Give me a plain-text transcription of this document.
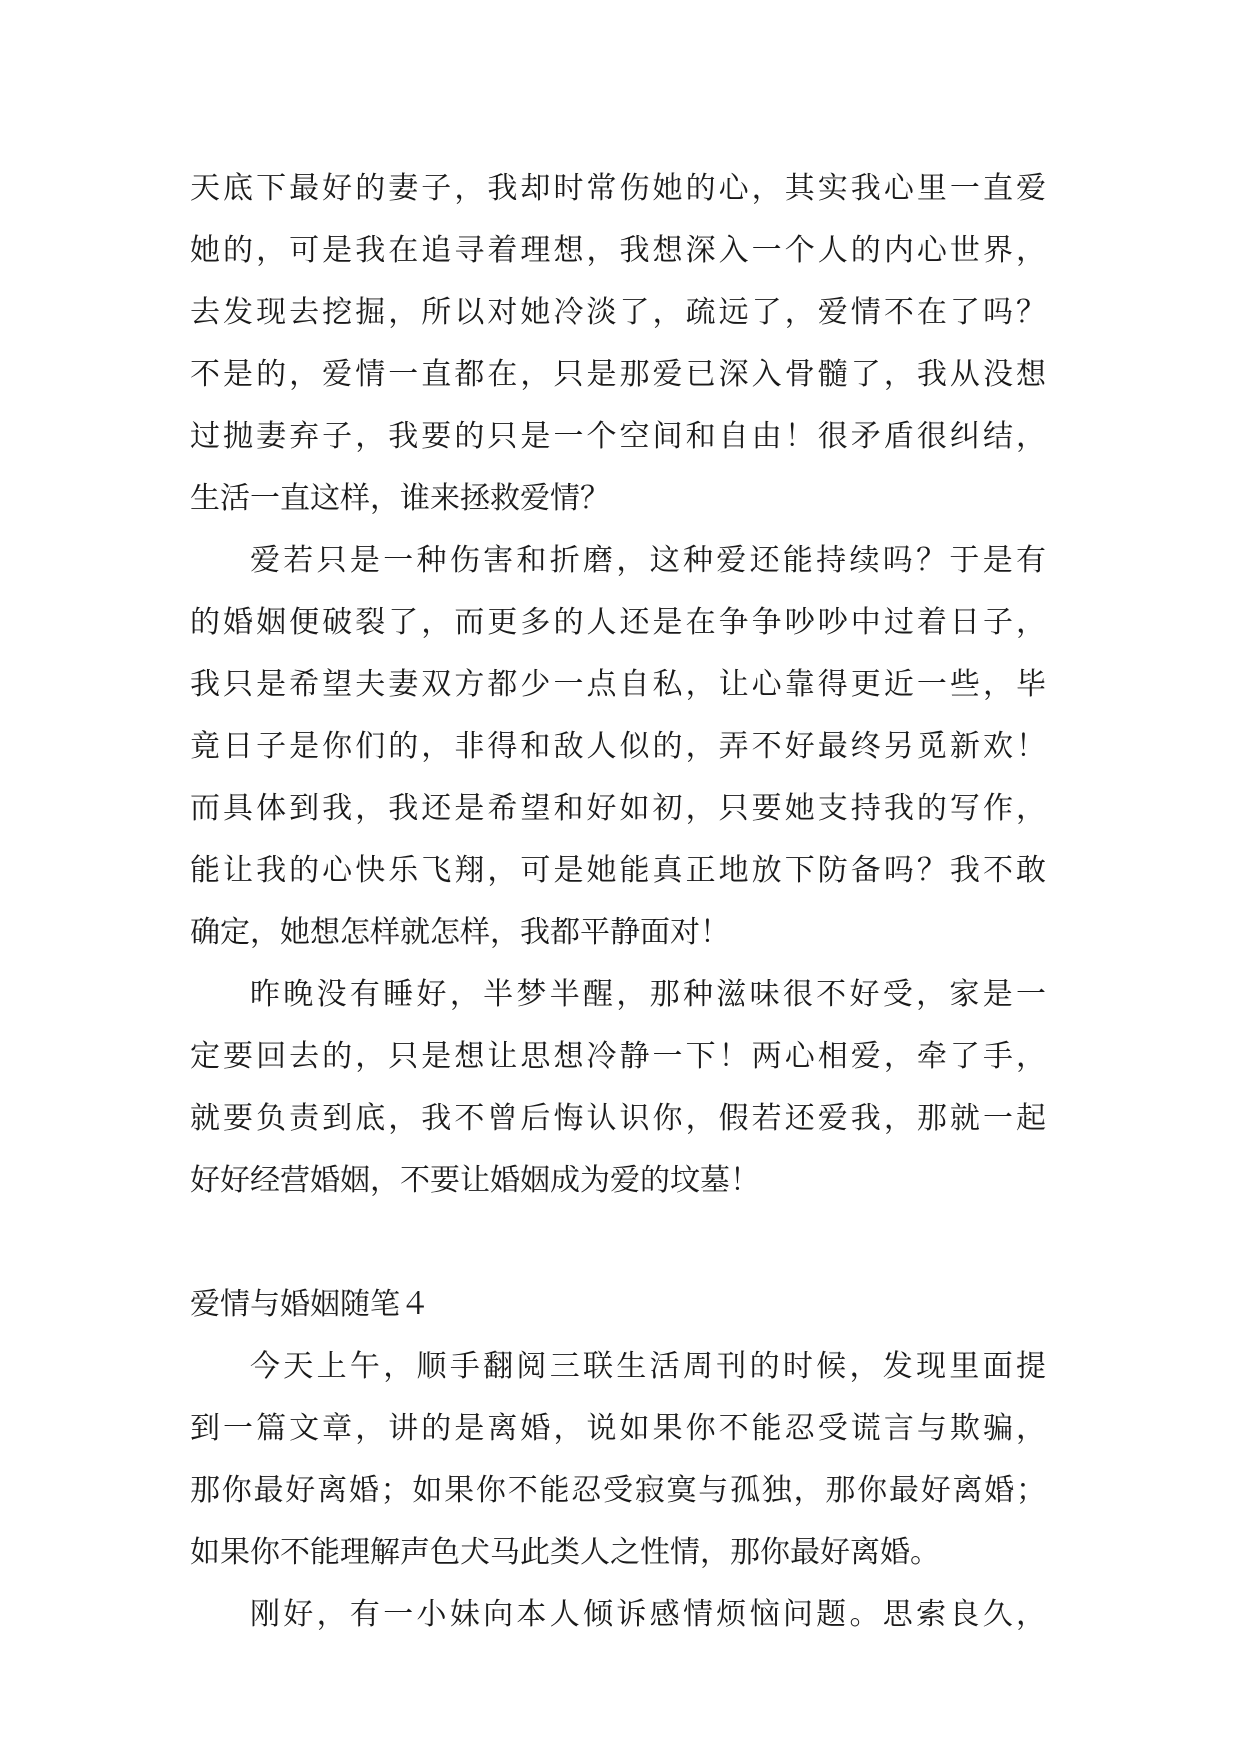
天底下最好的妻子，我却时常伤她的心，其实我心里一直爱
她的，可是我在追寻着理想，我想深入一个人的内心世界，
去发现去挖掘，所以对她冷淡了，疏远了，爱情不在了吗？
不是的，爱情一直都在，只是那爱已深入骨髓了，我从没想
过抛妻弃子，我要的只是一个空间和自由！很矛盾很纠结，
生活一直这样，谁来拯救爱情？
爱若只是一种伤害和折磨，这种爱还能持续吗？于是有
的婚姻便破裂了，而更多的人还是在争争吵吵中过着日子，
我只是希望夫妻双方都少一点自私，让心靠得更近一些，毕
竟日子是你们的，非得和敌人似的，弄不好最终另觅新欢！
而具体到我，我还是希望和好如初，只要她支持我的写作，
能让我的心快乐飞翔，可是她能真正地放下防备吗？我不敢
确定，她想怎样就怎样，我都平静面对！
昨晚没有睡好，半梦半醒，那种滋味很不好受，家是一
定要回去的，只是想让思想冷静一下！两心相爱，牵了手，
就要负责到底，我不曾后悔认识你，假若还爱我，那就一起
好好经营婚姻，不要让婚姻成为爱的坟墓！
爱情与婚姻随笔４
今天上午，顺手翻阅三联生活周刊的时候，发现里面提
到一篇文章，讲的是离婚，说如果你不能忍受谎言与欺骗，
那你最好离婚；如果你不能忍受寂寞与孤独，那你最好离婚；
如果你不能理解声色犬马此类人之性情，那你最好离婚。
刚好，有一小妹向本人倾诉感情烦恼问题。思索良久，
